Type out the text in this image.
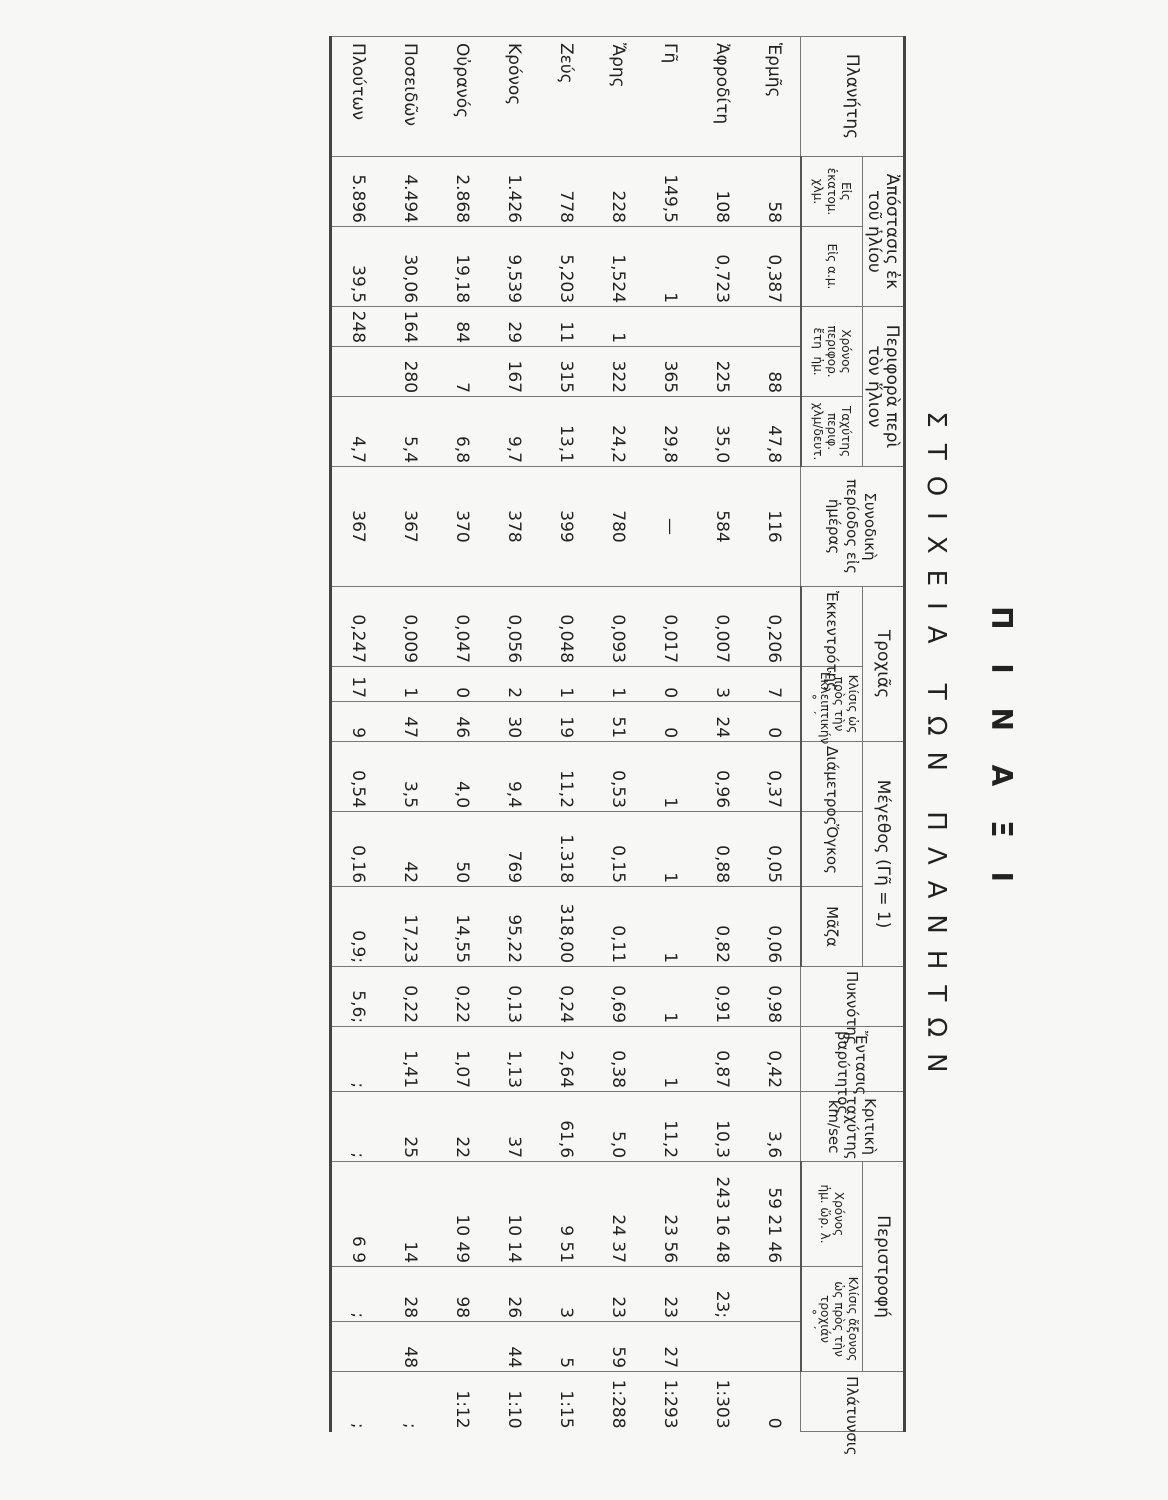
Π Ι Ν Α Ξ Ι
ΣΤΟΙΧΕΙΑ ΤΩΝ ΠΛΑΝΗΤΩΝ
Πλανήτης	Ἀπόστασις ἐκ τοῦ ἡλίου		Περιφορὰ περὶ τὸν ἥλιον			Συνοδικὴ περίοδος εἰς ἡμέρας	Τροχιᾶς			Μέγεθος (Γῆ = 1)			Πυκνότης	Ἔντασις βαρύτητος	Κριτικὴ ταχύτης km/sec	Περιστροφή			Πλάτυνσις
	Εἰς ἑκατομ. χλμ.	Εἰς α.μ.	Χρόνος περιφορ.
ἔτη  ἡμ.		Ταχύτης περιφ. χλμ/δευτ.		Ἐκκεντρότης	Κλίσις ὡς πρὸς τὴν Ἐκλειπτικήν
°   ′		Διάμετρος	Ὄγκος	Μᾶζα				Χρόνος
ἡμ. ὥρ. λ.	Κλίσις ἄξονος ὡς πρὸς τὴν τροχιάν
°   ′		
Ἑρμῆς	58	0,387		88	47,8	116	0,206	7	0	0,37	0,05	0,06	0,98	0,42	3,6	59 21 46			0
Ἀφροδίτη	108	0,723		225	35,0	584	0,007	3	24	0,96	0,88	0,82	0,91	0,87	10,3	243 16 48	23;		1:303
Γῆ	149,5	1		365	29,8	—	0,017	0	0	1	1	1	1	1	11,2	23 56	23	27	1:293
Ἄρης	228	1,524	1	322	24,2	780	0,093	1	51	0,53	0,15	0,11	0,69	0,38	5,0	24 37	23	59	1:288
Ζεύς	778	5,203	11	315	13,1	399	0,048	1	19	11,2	1.318	318,00	0,24	2,64	61,6	9 51	3	5	1:15
Κρόνος	1.426	9,539	29	167	9,7	378	0,056	2	30	9,4	769	95,22	0,13	1,13	37	10 14	26	44	1:10
Οὐρανός	2.868	19,18	84	7	6,8	370	0,047	0	46	4,0	50	14,55	0,22	1,07	22	10 49	98		1:12
Ποσειδῶν	4.494	30,06	164	280	5,4	367	0,009	1	47	3,5	42	17,23	0,22	1,41	25	14	28	48	;
Πλούτων	5.896	39,5	248		4,7	367	0,247	17	9	0,54	0,16	0,9;	5,6;	;	;	6 9	;		;
